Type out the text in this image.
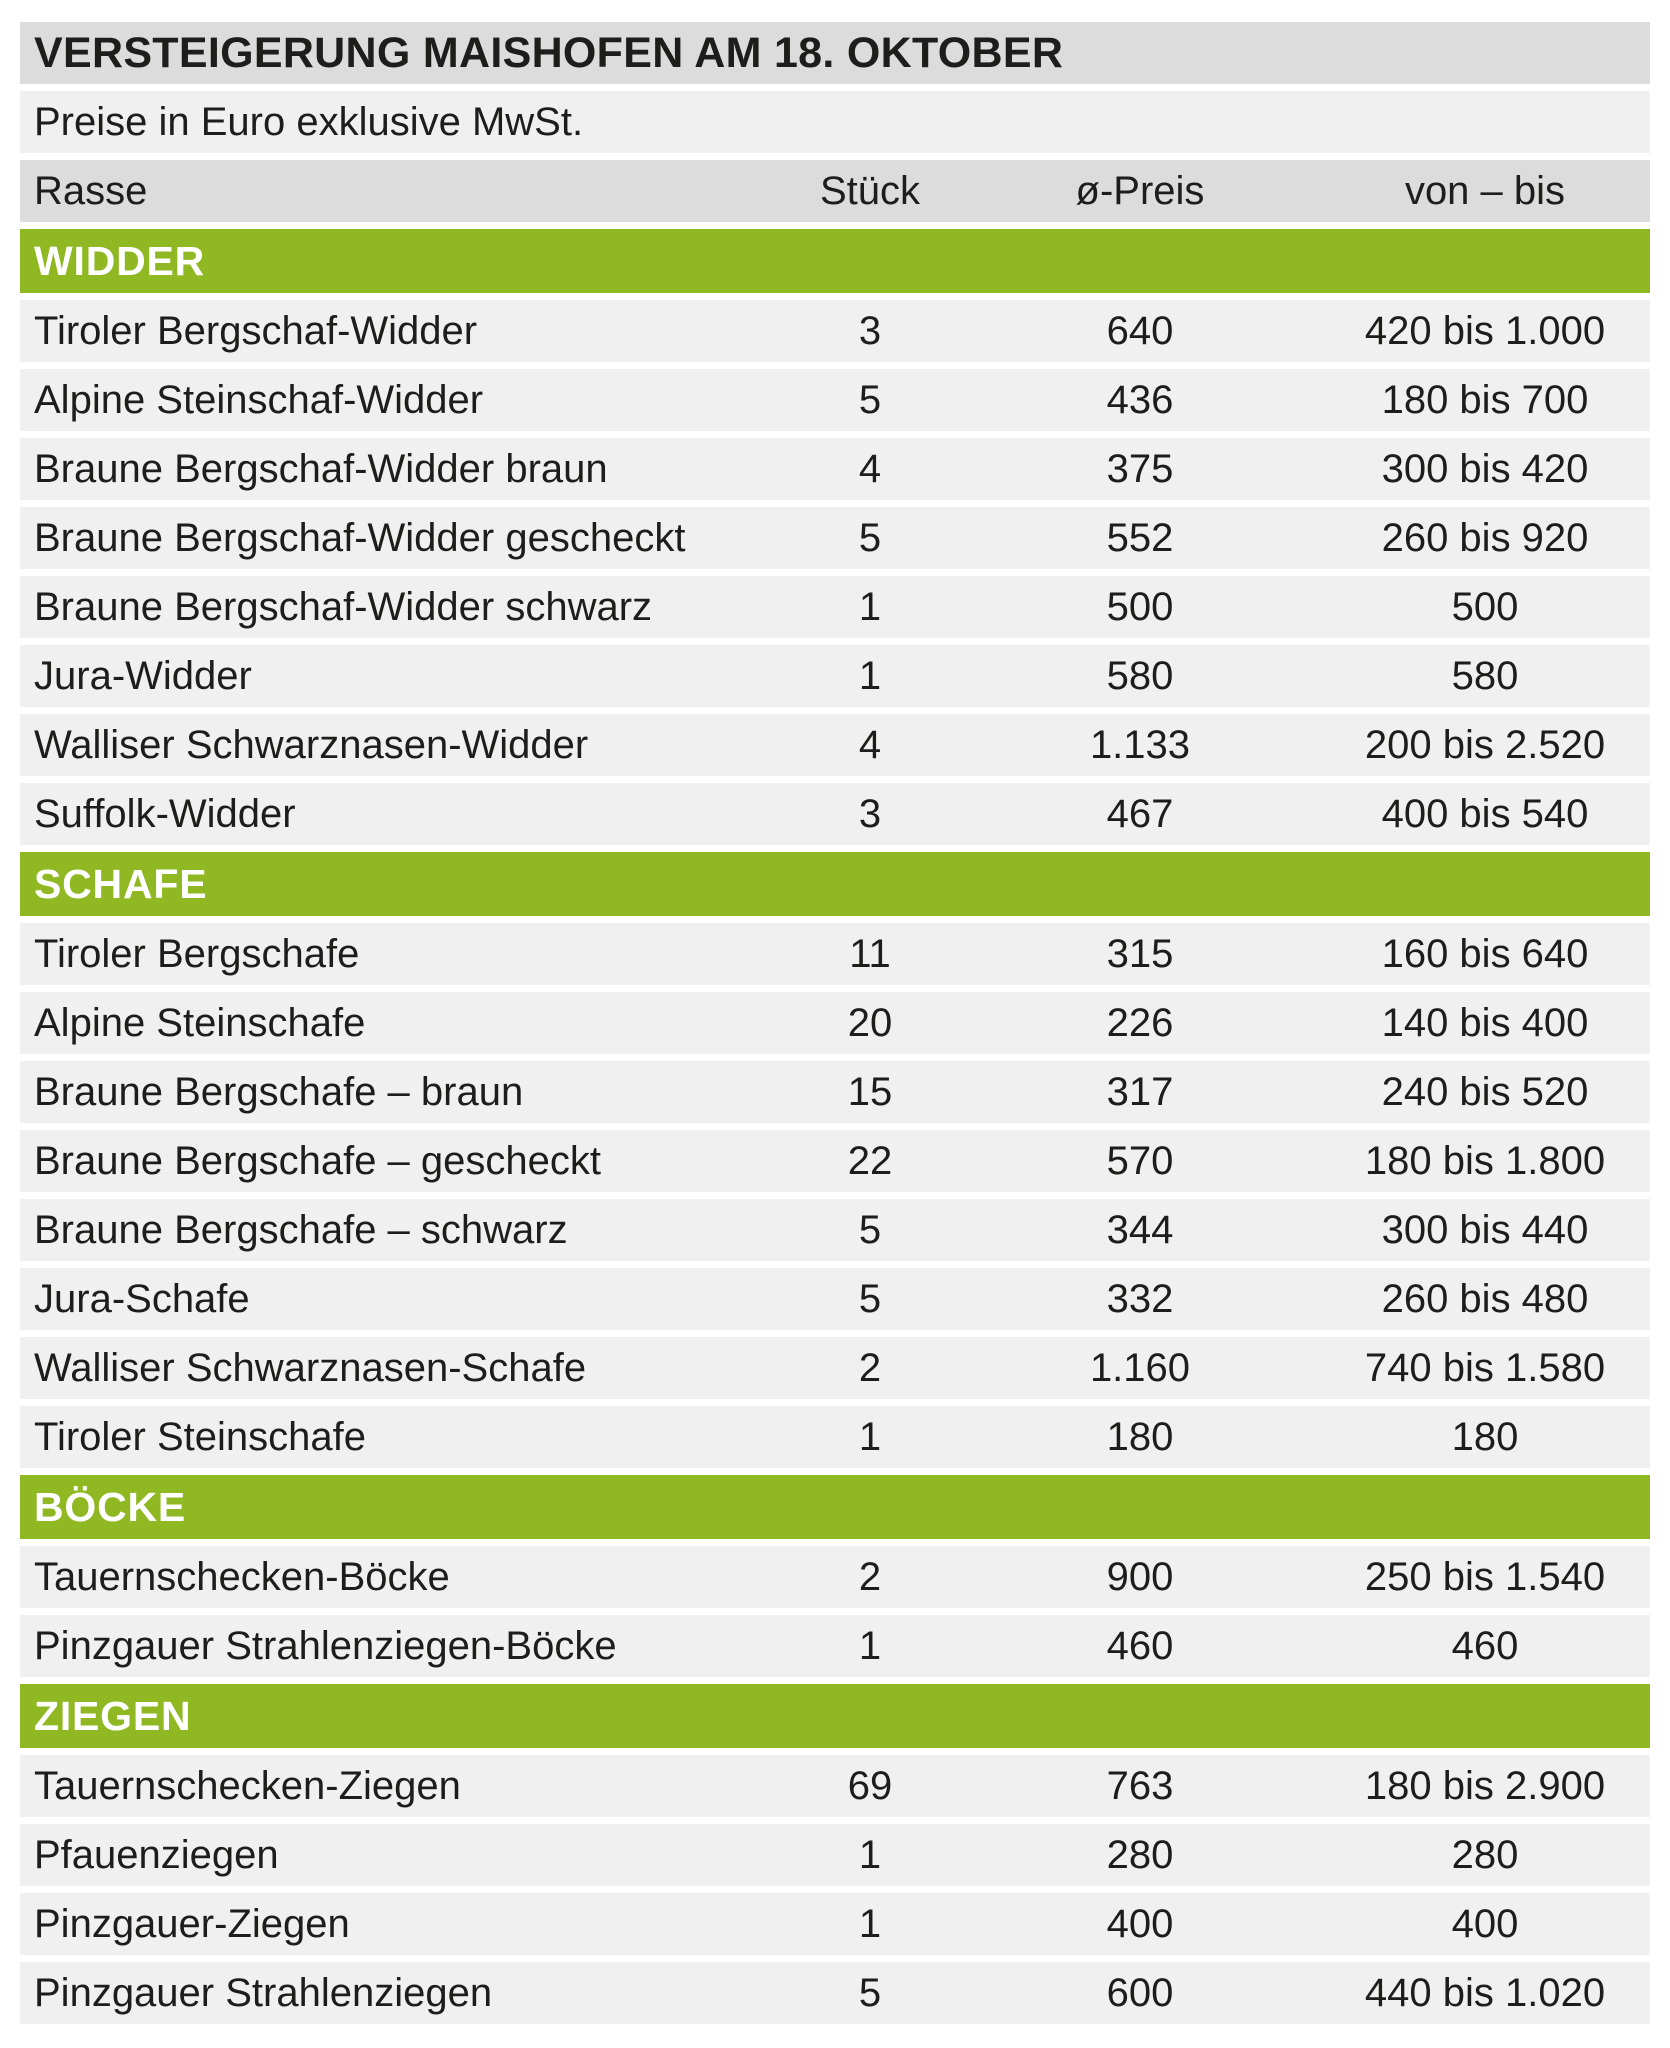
VERSTEIGERUNG MAISHOFEN AM 18. OKTOBER
Preise in Euro exklusive MwSt.
Rasse	Stück	ø-Preis	von – bis
WIDDER
Tiroler Bergschaf-Widder	3	640	420 bis 1.000
Alpine Steinschaf-Widder	5	436	180 bis 700
Braune Bergschaf-Widder braun	4	375	300 bis 420
Braune Bergschaf-Widder gescheckt	5	552	260 bis 920
Braune Bergschaf-Widder schwarz	1	500	500
Jura-Widder	1	580	580
Walliser Schwarznasen-Widder	4	1.133	200 bis 2.520
Suffolk-Widder	3	467	400 bis 540
SCHAFE
Tiroler Bergschafe	11	315	160 bis 640
Alpine Steinschafe	20	226	140 bis 400
Braune Bergschafe – braun	15	317	240 bis 520
Braune Bergschafe – gescheckt	22	570	180 bis 1.800
Braune Bergschafe – schwarz	5	344	300 bis 440
Jura-Schafe	5	332	260 bis 480
Walliser Schwarznasen-Schafe	2	1.160	740 bis 1.580
Tiroler Steinschafe	1	180	180
BÖCKE
Tauernschecken-Böcke	2	900	250 bis 1.540
Pinzgauer Strahlenziegen-Böcke	1	460	460
ZIEGEN
Tauernschecken-Ziegen	69	763	180 bis 2.900
Pfauenziegen	1	280	280
Pinzgauer-Ziegen	1	400	400
Pinzgauer Strahlenziegen	5	600	440 bis 1.020
